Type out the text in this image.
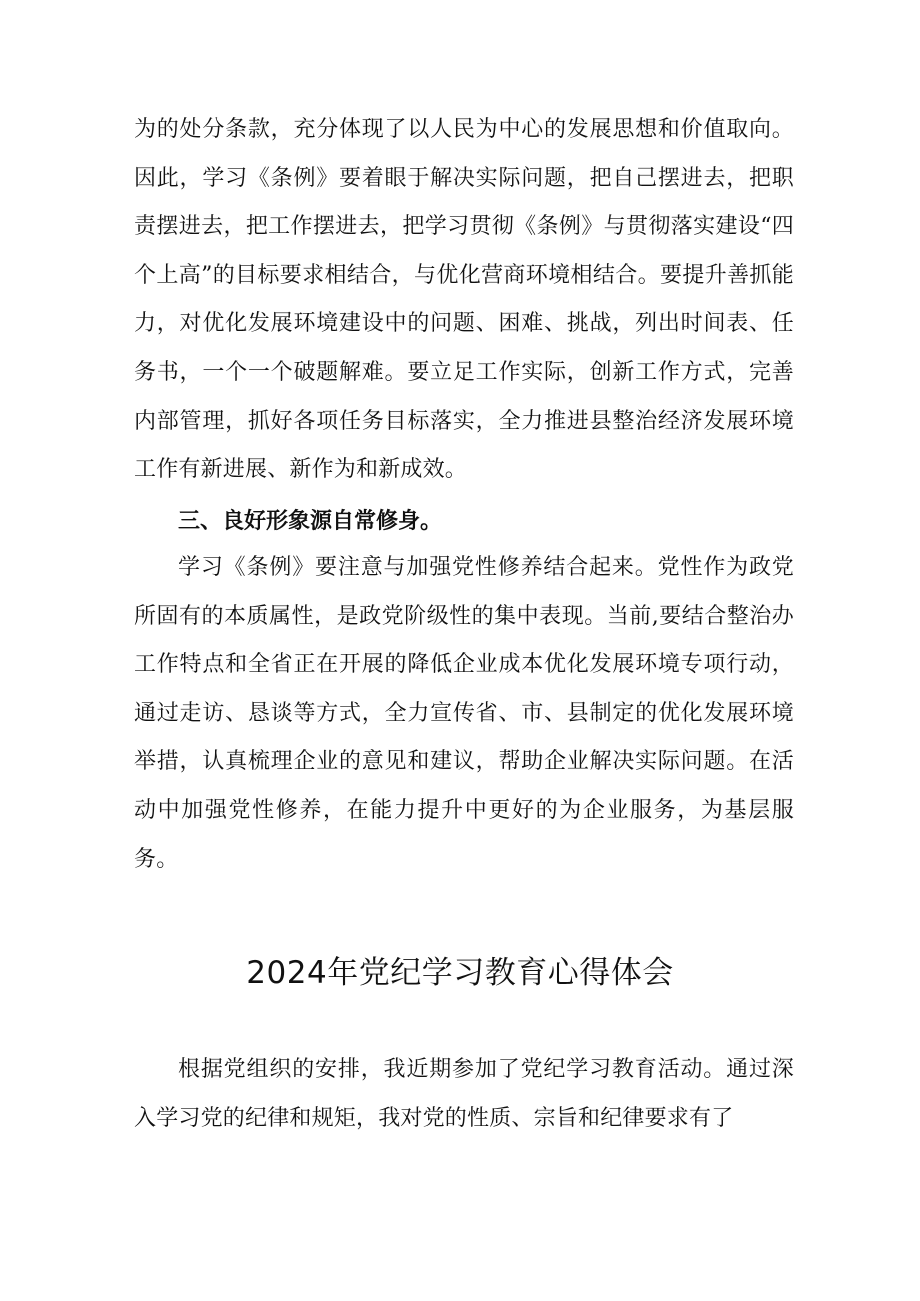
为的处分条款，充分体现了以人民为中心的发展思想和价值取向。因此，学习《条例》要着眼于解决实际问题，把自己摆进去，把职责摆进去，把工作摆进去，把学习贯彻《条例》与贯彻落实建设“四个上高”的目标要求相结合，与优化营商环境相结合。要提升善抓能力，对优化发展环境建设中的问题、困难、挑战，列出时间表、任务书，一个一个破题解难。要立足工作实际，创新工作方式，完善内部管理，抓好各项任务目标落实，全力推进县整治经济发展环境工作有新进展、新作为和新成效。

三、良好形象源自常修身。

学习《条例》要注意与加强党性修养结合起来。党性作为政党所固有的本质属性，是政党阶级性的集中表现。当前,要结合整治办工作特点和全省正在开展的降低企业成本优化发展环境专项行动，通过走访、恳谈等方式，全力宣传省、市、县制定的优化发展环境举措，认真梳理企业的意见和建议，帮助企业解决实际问题。在活动中加强党性修养，在能力提升中更好的为企业服务，为基层服务。

2024年党纪学习教育心得体会

根据党组织的安排，我近期参加了党纪学习教育活动。通过深入学习党的纪律和规矩，我对党的性质、宗旨和纪律要求有了
